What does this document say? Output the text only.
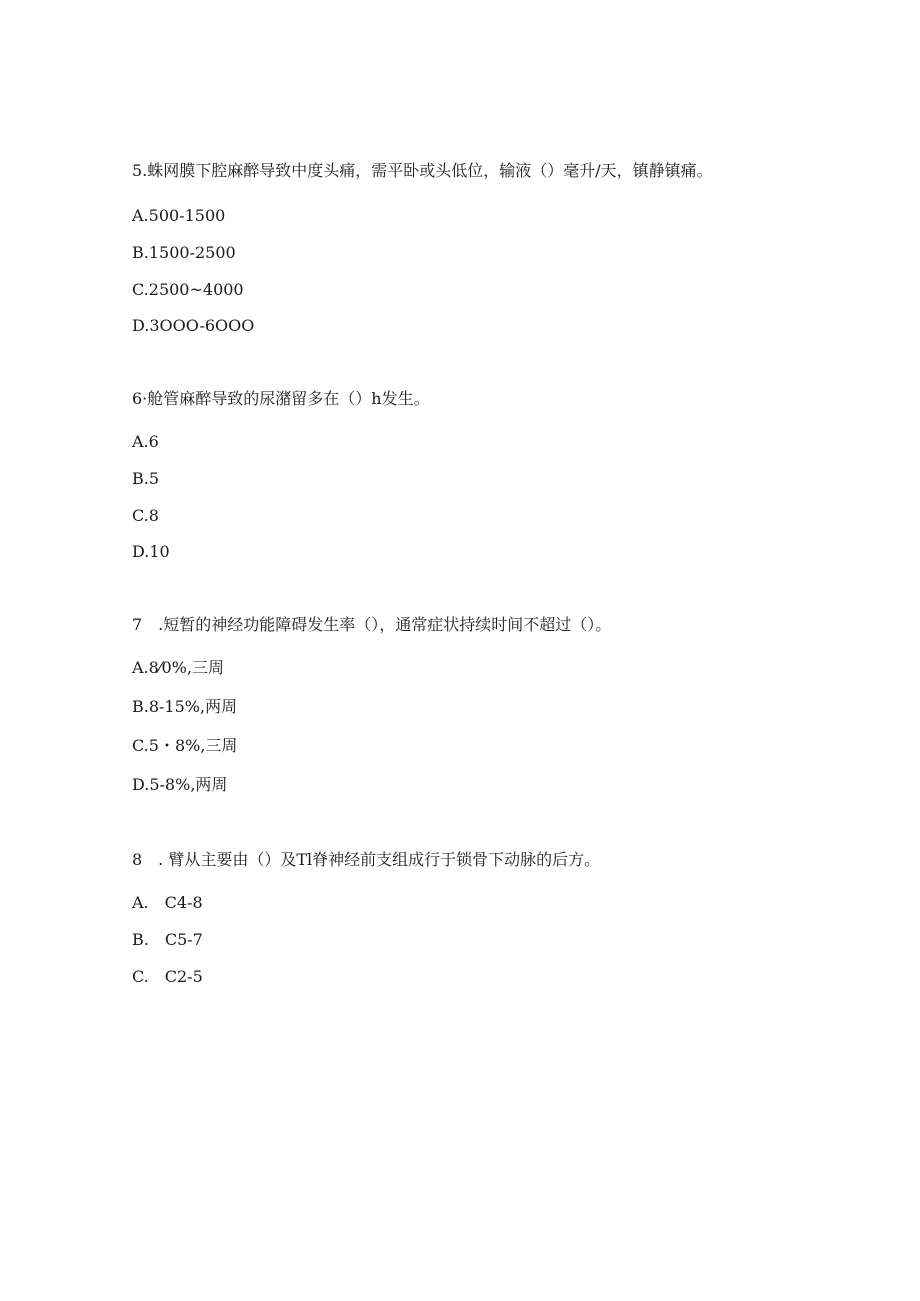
5.蛛网膜下腔麻醉导致中度头痛，需平卧或头低位，输液（）毫升/天，镇静镇痛。

A.500-1500

B.1500-2500

C.2500~4000

D.3OOO-6OOO

6·舱管麻醉导致的尿潴留多在（）h发生。

A.6

B.5

C.8

D.10

7　.短暂的神经功能障碍发生率（），通常症状持续时间不超过（）。

A.8⁄0%,三周

B.8-15%,两周

C.5・8%,三周

D.5-8%,两周

8　. 臂从主要由（）及Tl脊神经前支组成行于锁骨下动脉的后方。

A.　C4-8

B.　C5-7

C.　C2-5
